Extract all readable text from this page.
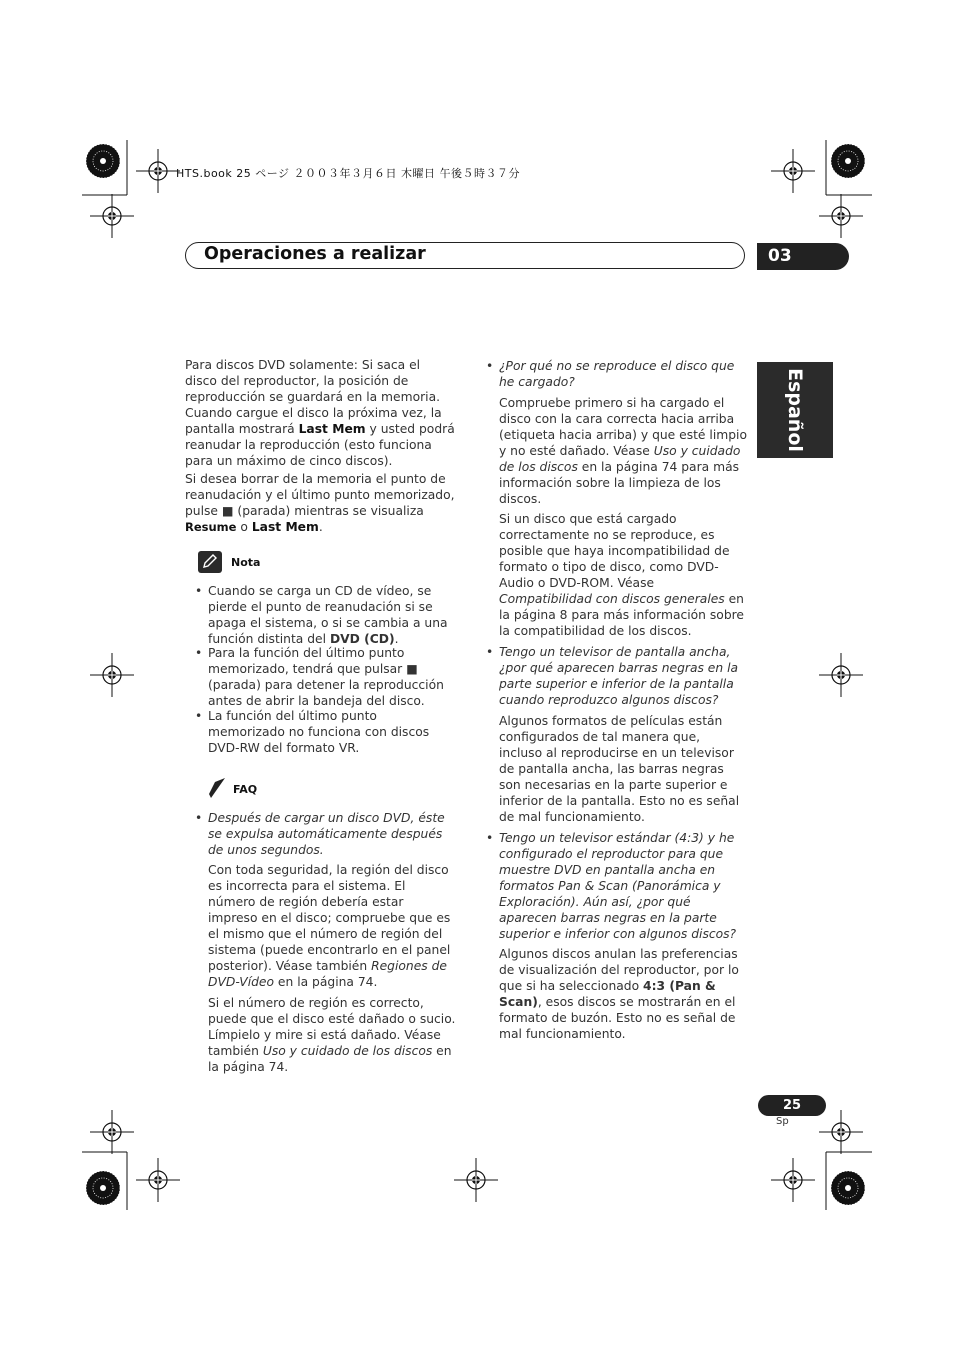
HTS.book 25 ページ ２００３年３月６日 木曜日 午後５時３７分
Operaciones a realizar	03
Español

Para discos DVD solamente: Si saca el disco del reproductor, la posición de reproducción se guardará en la memoria. Cuando cargue el disco la próxima vez, la pantalla mostrará Last Mem y usted podrá reanudar la reproducción (esto funciona para un máximo de cinco discos).

Si desea borrar de la memoria el punto de reanudación y el último punto memorizado, pulse ■ (parada) mientras se visualiza Resume o Last Mem.

Nota
• Cuando se carga un CD de vídeo, se pierde el punto de reanudación si se apaga el sistema, o si se cambia a una función distinta del DVD (CD).

• Para la función del último punto memorizado, tendrá que pulsar ■ (parada) para detener la reproducción antes de abrir la bandeja del disco.

• La función del último punto memorizado no funciona con discos DVD-RW del formato VR.

FAQ
• Después de cargar un disco DVD, éste se expulsa automáticamente después de unos segundos.

Con toda seguridad, la región del disco es incorrecta para el sistema. El número de región debería estar impreso en el disco; compruebe que es el mismo que el número de región del sistema (puede encontrarlo en el panel posterior). Véase también Regiones de DVD-Vídeo en la página 74.

Si el número de región es correcto, puede que el disco esté dañado o sucio. Límpielo y mire si está dañado. Véase también Uso y cuidado de los discos en la página 74.

• ¿Por qué no se reproduce el disco que he cargado?

Compruebe primero si ha cargado el disco con la cara correcta hacia arriba (etiqueta hacia arriba) y que esté limpio y no esté dañado. Véase Uso y cuidado de los discos en la página 74 para más información sobre la limpieza de los discos.

Si un disco que está cargado correctamente no se reproduce, es posible que haya incompatibilidad de formato o tipo de disco, como DVD-Audio o DVD-ROM. Véase Compatibilidad con discos generales en la página 8 para más información sobre la compatibilidad de los discos.

• Tengo un televisor de pantalla ancha, ¿por qué aparecen barras negras en la parte superior e inferior de la pantalla cuando reproduzco algunos discos?

Algunos formatos de películas están configurados de tal manera que, incluso al reproducirse en un televisor de pantalla ancha, las barras negras son necesarias en la parte superior e inferior de la pantalla. Esto no es señal de mal funcionamiento.

• Tengo un televisor estándar (4:3) y he configurado el reproductor para que muestre DVD en pantalla ancha en formatos Pan & Scan (Panorámica y Exploración). Aún así, ¿por qué aparecen barras negras en la parte superior e inferior con algunos discos?

Algunos discos anulan las preferencias de visualización del reproductor, por lo que si ha seleccionado 4:3 (Pan & Scan), esos discos se mostrarán en el formato de buzón. Esto no es señal de mal funcionamiento.

25
Sp
